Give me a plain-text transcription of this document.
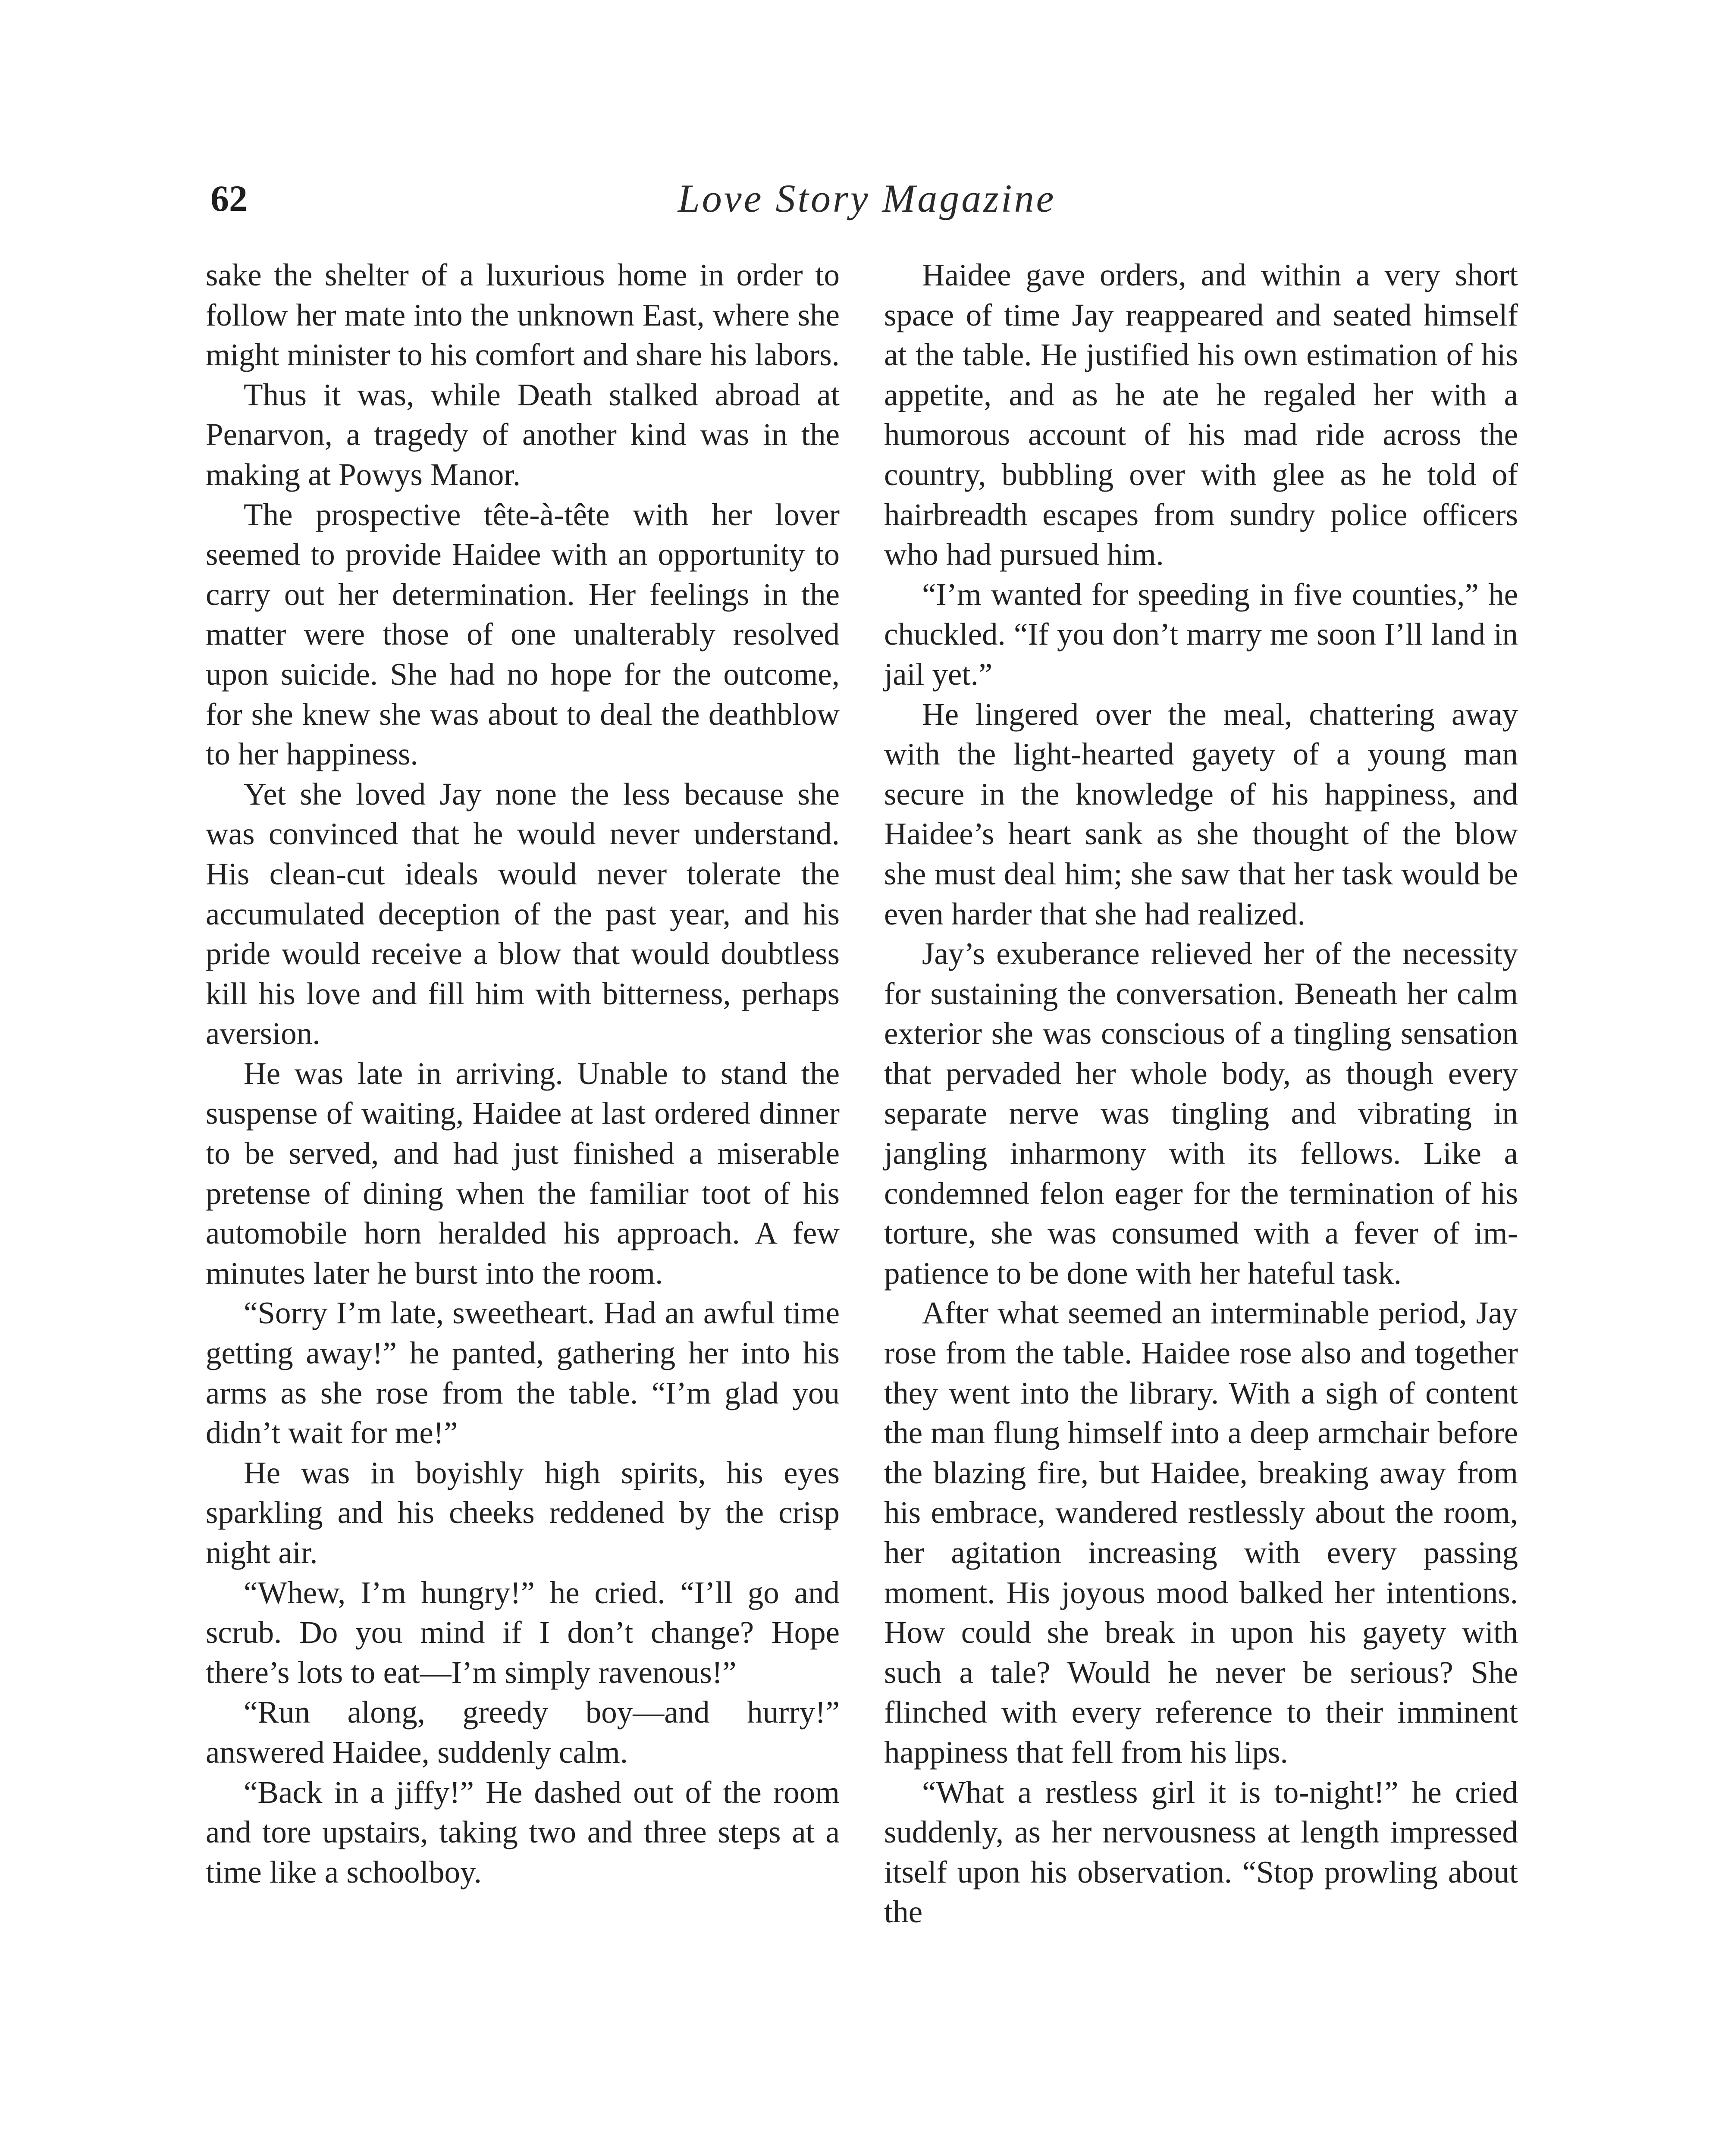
62	Love Story Magazine

sake the shelter of a luxurious home in order to follow her mate into the unknown East, where she might minister to his comfort and share his labors.

Thus it was, while Death stalked abroad at Penarvon, a tragedy of another kind was in the making at Powys Manor.

The prospective tête-à-tête with her lover seemed to provide Haidee with an opportunity to carry out her determination. Her feelings in the matter were those of one unalterably resolved upon suicide. She had no hope for the outcome, for she knew she was about to deal the deathblow to her happiness.

Yet she loved Jay none the less because she was convinced that he would never understand. His clean-cut ideals would never tolerate the accumulated deception of the past year, and his pride would receive a blow that would doubtless kill his love and fill him with bitterness, perhaps aversion.

He was late in arriving. Unable to stand the suspense of waiting, Haidee at last ordered dinner to be served, and had just finished a miserable pretense of dining when the familiar toot of his automobile horn heralded his approach. A few minutes later he burst into the room.

“Sorry I’m late, sweetheart. Had an awful time getting away!” he panted, gathering her into his arms as she rose from the table. “I’m glad you didn’t wait for me!”

He was in boyishly high spirits, his eyes sparkling and his cheeks reddened by the crisp night air.

“Whew, I’m hungry!” he cried. “I’ll go and scrub. Do you mind if I don’t change? Hope there’s lots to eat—I’m simply ravenous!”

“Run along, greedy boy—and hurry!” answered Haidee, suddenly calm.

“Back in a jiffy!” He dashed out of the room and tore upstairs, taking two and three steps at a time like a schoolboy.

Haidee gave orders, and within a very short space of time Jay reappeared and seated himself at the table. He justified his own estimation of his appetite, and as he ate he regaled her with a humorous account of his mad ride across the country, bubbling over with glee as he told of hairbreadth escapes from sundry police officers who had pursued him.

“I’m wanted for speeding in five counties,” he chuckled. “If you don’t marry me soon I’ll land in jail yet.”

He lingered over the meal, chattering away with the light-hearted gayety of a young man secure in the knowledge of his happiness, and Haidee’s heart sank as she thought of the blow she must deal him; she saw that her task would be even harder that she had realized.

Jay’s exuberance relieved her of the necessity for sustaining the conversation. Beneath her calm exterior she was conscious of a tingling sensation that pervaded her whole body, as though every separate nerve was tingling and vibrating in jangling inharmony with its fellows. Like a condemned felon eager for the termination of his torture, she was consumed with a fever of impatience to be done with her hateful task.

After what seemed an interminable period, Jay rose from the table. Haidee rose also and together they went into the library. With a sigh of content the man flung himself into a deep armchair before the blazing fire, but Haidee, breaking away from his embrace, wandered restlessly about the room, her agitation increasing with every passing moment. His joyous mood balked her intentions. How could she break in upon his gayety with such a tale? Would he never be serious? She flinched with every reference to their imminent happiness that fell from his lips.

“What a restless girl it is to-night!” he cried suddenly, as her nervousness at length impressed itself upon his observation. “Stop prowling about the
